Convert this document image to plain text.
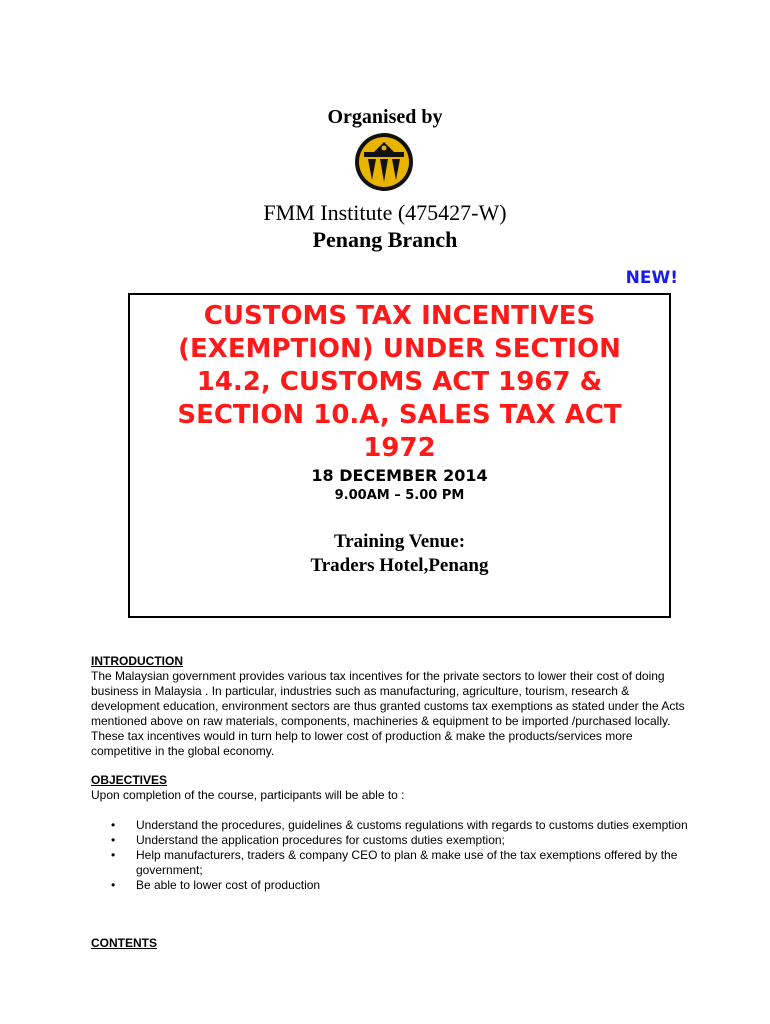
Organised by
FMM Institute (475427-W)
Penang Branch
NEW!
CUSTOMS TAX INCENTIVES
(EXEMPTION) UNDER SECTION
14.2, CUSTOMS ACT 1967 &
SECTION 10.A, SALES TAX ACT
1972
18 DECEMBER 2014
9.00AM – 5.00 PM
Training Venue:
Traders Hotel,Penang
INTRODUCTION

The Malaysian government provides various tax incentives for the private sectors to lower their cost of doing business in Malaysia . In particular, industries such as manufacturing, agriculture, tourism, research & development education, environment sectors are thus granted customs tax exemptions as stated under the Acts mentioned above on raw materials, components, machineries & equipment to be imported /purchased locally. These tax incentives would in turn help to lower cost of production & make the products/services more competitive in the global economy.

OBJECTIVES
Upon completion of the course, participants will be able to :
• Understand the procedures, guidelines & customs regulations with regards to customs duties exemption
• Understand the application procedures for customs duties exemption;
• Help manufacturers, traders & company CEO to plan & make use of the tax exemptions offered by the government;
• Be able to lower cost of production
CONTENTS
